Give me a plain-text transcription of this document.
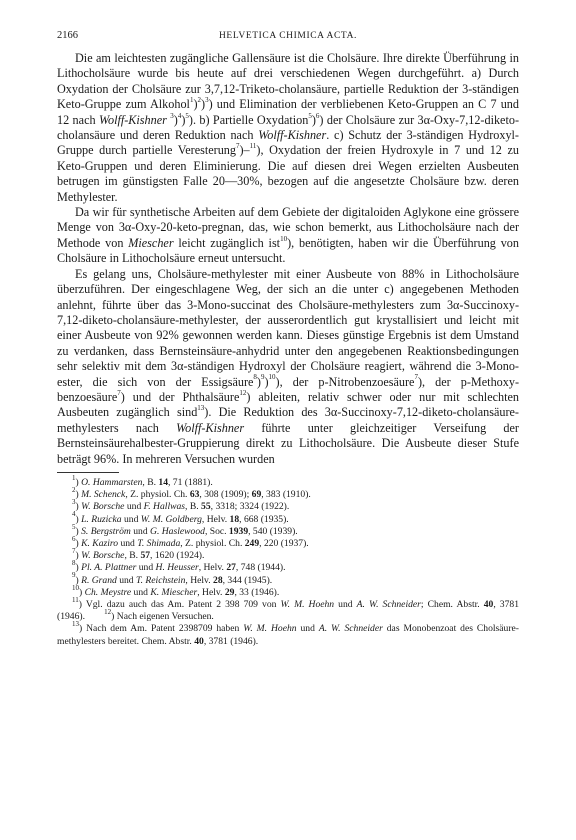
2166	HELVETICA CHIMICA ACTA.

Die am leichtesten zugängliche Gallensäure ist die Cholsäure. Ihre direkte Überführung in Lithocholsäure wurde bis heute auf drei verschiedenen Wegen durchgeführt. a) Durch Oxydation der Cholsäure zur 3,7,12-Triketo-cholansäure, partielle Reduktion der 3-ständigen Keto-Gruppe zum Alkohol$^1$)$^2$)$^3$) und Elimination der verbliebenen Keto-Gruppen an C 7 und 12 nach Wolff-Kishner $^3$)$^4$)$^5$). b) Partielle Oxydation$^5$)$^6$) der Cholsäure zur 3α-Oxy-7,12-diketo-cholansäure und deren Reduktion nach Wolff-Kishner. c) Schutz der 3-ständigen Hydroxyl-Gruppe durch partielle Veresterung$^7$)–$^{11}$), Oxydation der freien Hydroxyle in 7 und 12 zu Keto-Gruppen und deren Eliminierung. Die auf diesen drei Wegen erzielten Ausbeuten betrugen im günstigsten Falle 20—30%, bezogen auf die angesetzte Cholsäure bzw. deren Methylester.

Da wir für synthetische Arbeiten auf dem Gebiete der digitaloiden Aglykone eine grössere Menge von 3α-Oxy-20-keto-pregnan, das, wie schon bemerkt, aus Lithocholsäure nach der Methode von Miescher leicht zugänglich ist$^{10}$), benötigten, haben wir die Überführung von Cholsäure in Lithocholsäure erneut untersucht.

Es gelang uns, Cholsäure-methylester mit einer Ausbeute von 88% in Lithocholsäure überzuführen. Der eingeschlagene Weg, der sich an die unter c) angegebenen Methoden anlehnt, führte über das 3-Mono-succinat des Cholsäure-methylesters zum 3α-Succinoxy-7,12-diketo-cholansäure-methylester, der ausserordentlich gut krystallisiert und leicht mit einer Ausbeute von 92% gewonnen werden kann. Dieses günstige Ergebnis ist dem Umstand zu verdanken, dass Bernsteinsäure-anhydrid unter den angegebenen Reaktionsbedingungen sehr selektiv mit dem 3α-ständigen Hydroxyl der Cholsäure reagiert, während die 3-Mono-ester, die sich von der Essigsäure$^8$)$^9$)$^{10}$), der p-Nitrobenzoesäure$^7$), der p-Methoxy-benzoesäure$^7$) und der Phthalsäure$^{12}$) ableiten, relativ schwer oder nur mit schlechten Ausbeuten zugänglich sind$^{13}$). Die Reduktion des 3α-Succinoxy-7,12-diketo-cholansäure-methylesters nach Wolff-Kishner führte unter gleichzeitiger Verseifung der Bernsteinsäurehalbester-Gruppierung direkt zu Lithocholsäure. Die Ausbeute dieser Stufe beträgt 96%. In mehreren Versuchen wurden

$^1$) O. Hammarsten, B. 14, 71 (1881).
$^2$) M. Schenck, Z. physiol. Ch. 63, 308 (1909); 69, 383 (1910).
$^3$) W. Borsche und F. Hallwas, B. 55, 3318; 3324 (1922).
$^4$) L. Ruzicka und W. M. Goldberg, Helv. 18, 668 (1935).
$^5$) S. Bergström und G. Haslewood, Soc. 1939, 540 (1939).
$^6$) K. Kaziro und T. Shimada, Z. physiol. Ch. 249, 220 (1937).
$^7$) W. Borsche, B. 57, 1620 (1924).
$^8$) Pl. A. Plattner und H. Heusser, Helv. 27, 748 (1944).
$^9$) R. Grand und T. Reichstein, Helv. 28, 344 (1945).
$^{10}$) Ch. Meystre und K. Miescher, Helv. 29, 33 (1946).
$^{11}$) Vgl. dazu auch das Am. Patent 2 398 709 von W. M. Hoehn und A. W. Schneider; Chem. Abstr. 40, 3781 (1946).        $^{12}$) Nach eigenen Versuchen.
$^{13}$) Nach dem Am. Patent 2398709 haben W. M. Hoehn und A. W. Schneider das Monobenzoat des Cholsäure-methylesters bereitet. Chem. Abstr. 40, 3781 (1946).
